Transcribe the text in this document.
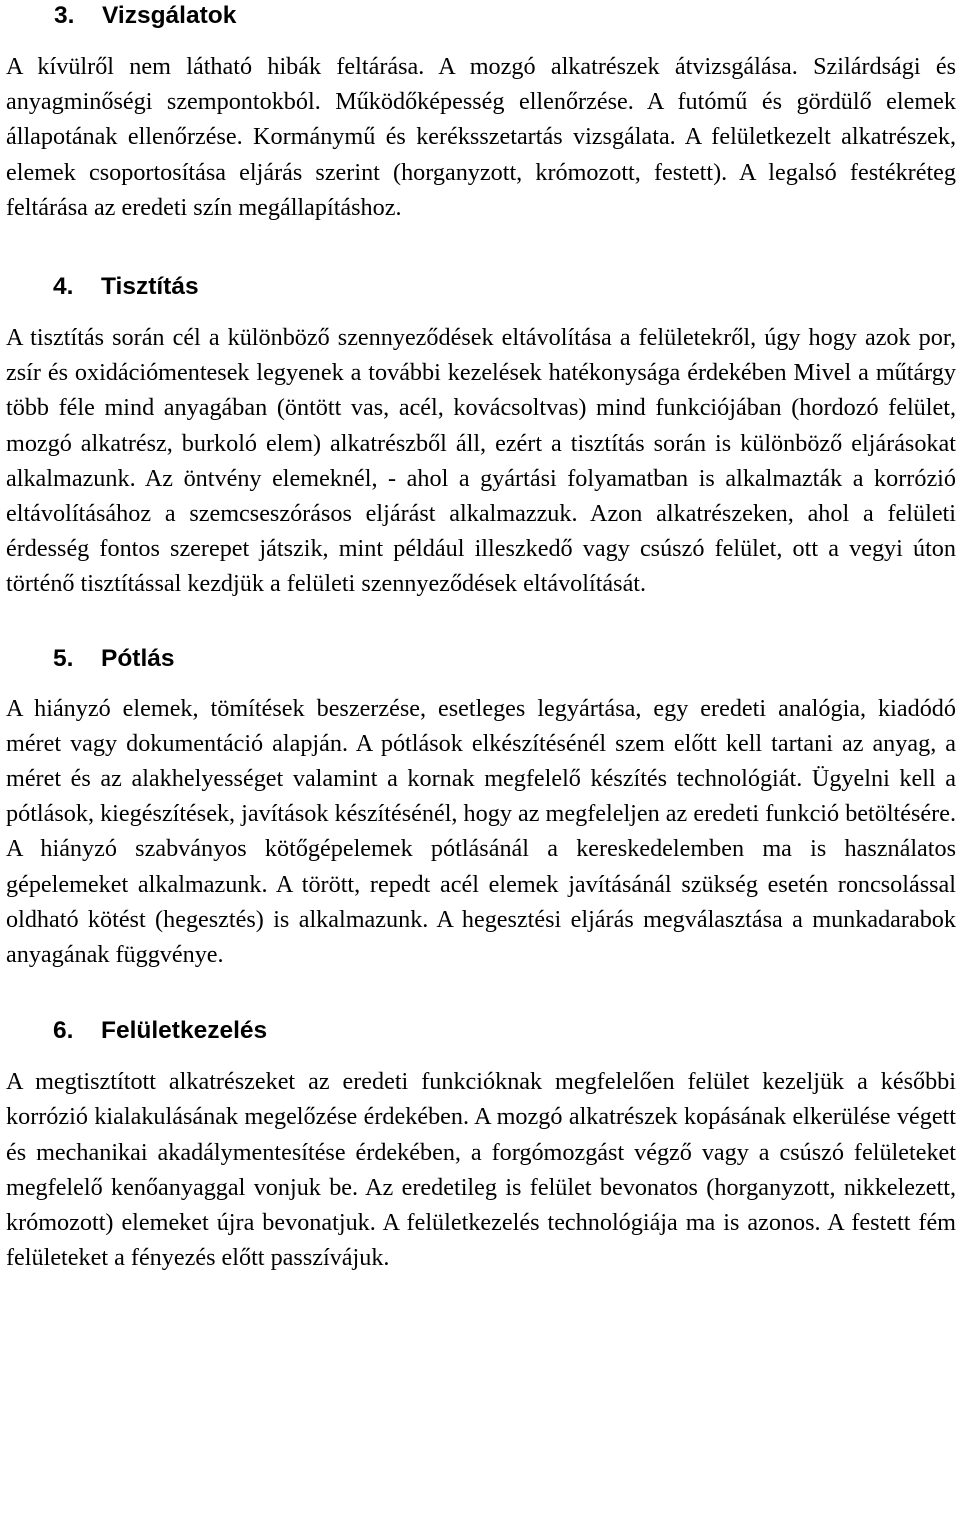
3.	Vizsgálatok

A kívülről nem látható hibák feltárása. A mozgó alkatrészek átvizsgálása. Szilárdsági és anyagminőségi szempontokból. Működőképesség ellenőrzése. A futómű és gördülő elemek állapotának ellenőrzése. Kormánymű és keréksszetartás vizsgálata. A felületkezelt alkatrészek, elemek csoportosítása eljárás szerint (horganyzott, krómozott, festett). A legalsó festékréteg feltárása az eredeti szín megállapításhoz.

4.	Tisztítás

A tisztítás során cél a különböző szennyeződések eltávolítása a felületekről, úgy hogy azok por, zsír és oxidációmentesek legyenek a további kezelések hatékonysága érdekében Mivel a műtárgy több féle mind anyagában (öntött vas, acél, kovácsoltvas) mind funkciójában (hordozó felület, mozgó alkatrész, burkoló elem) alkatrészből áll, ezért a tisztítás során is különböző eljárásokat alkalmazunk. Az öntvény elemeknél, - ahol a gyártási folyamatban is alkalmazták a korrózió eltávolításához a szemcseszórásos eljárást alkalmazzuk. Azon alkatrészeken, ahol a felületi érdesség fontos szerepet játszik, mint például illeszkedő vagy csúszó felület, ott a vegyi úton történő tisztítással kezdjük a felületi szennyeződések eltávolítását.

5.	Pótlás

A hiányzó elemek, tömítések beszerzése, esetleges legyártása, egy eredeti analógia, kiadódó méret vagy dokumentáció alapján. A pótlások elkészítésénél szem előtt kell tartani az anyag, a méret és az alakhelyességet valamint a kornak megfelelő készítés technológiát. Ügyelni kell a pótlások, kiegészítések, javítások készítésénél, hogy az megfeleljen az eredeti funkció betöltésére. A hiányzó szabványos kötőgépelemek pótlásánál a kereskedelemben ma is használatos gépelemeket alkalmazunk. A törött, repedt acél elemek javításánál szükség esetén roncsolással oldható kötést (hegesztés) is alkalmazunk. A hegesztési eljárás megválasztása a munkadarabok anyagának függvénye.

6.	Felületkezelés

A megtisztított alkatrészeket az eredeti funkcióknak megfelelően felület kezeljük a későbbi korrózió kialakulásának megelőzése érdekében. A mozgó alkatrészek kopásának elkerülése végett és mechanikai akadálymentesítése érdekében, a forgómozgást végző vagy a csúszó felületeket megfelelő kenőanyaggal vonjuk be. Az eredetileg is felület bevonatos (horganyzott, nikkelezett, krómozott) elemeket újra bevonatjuk. A felületkezelés technológiája ma is azonos. A festett fém felületeket a fényezés előtt passzívájuk.
